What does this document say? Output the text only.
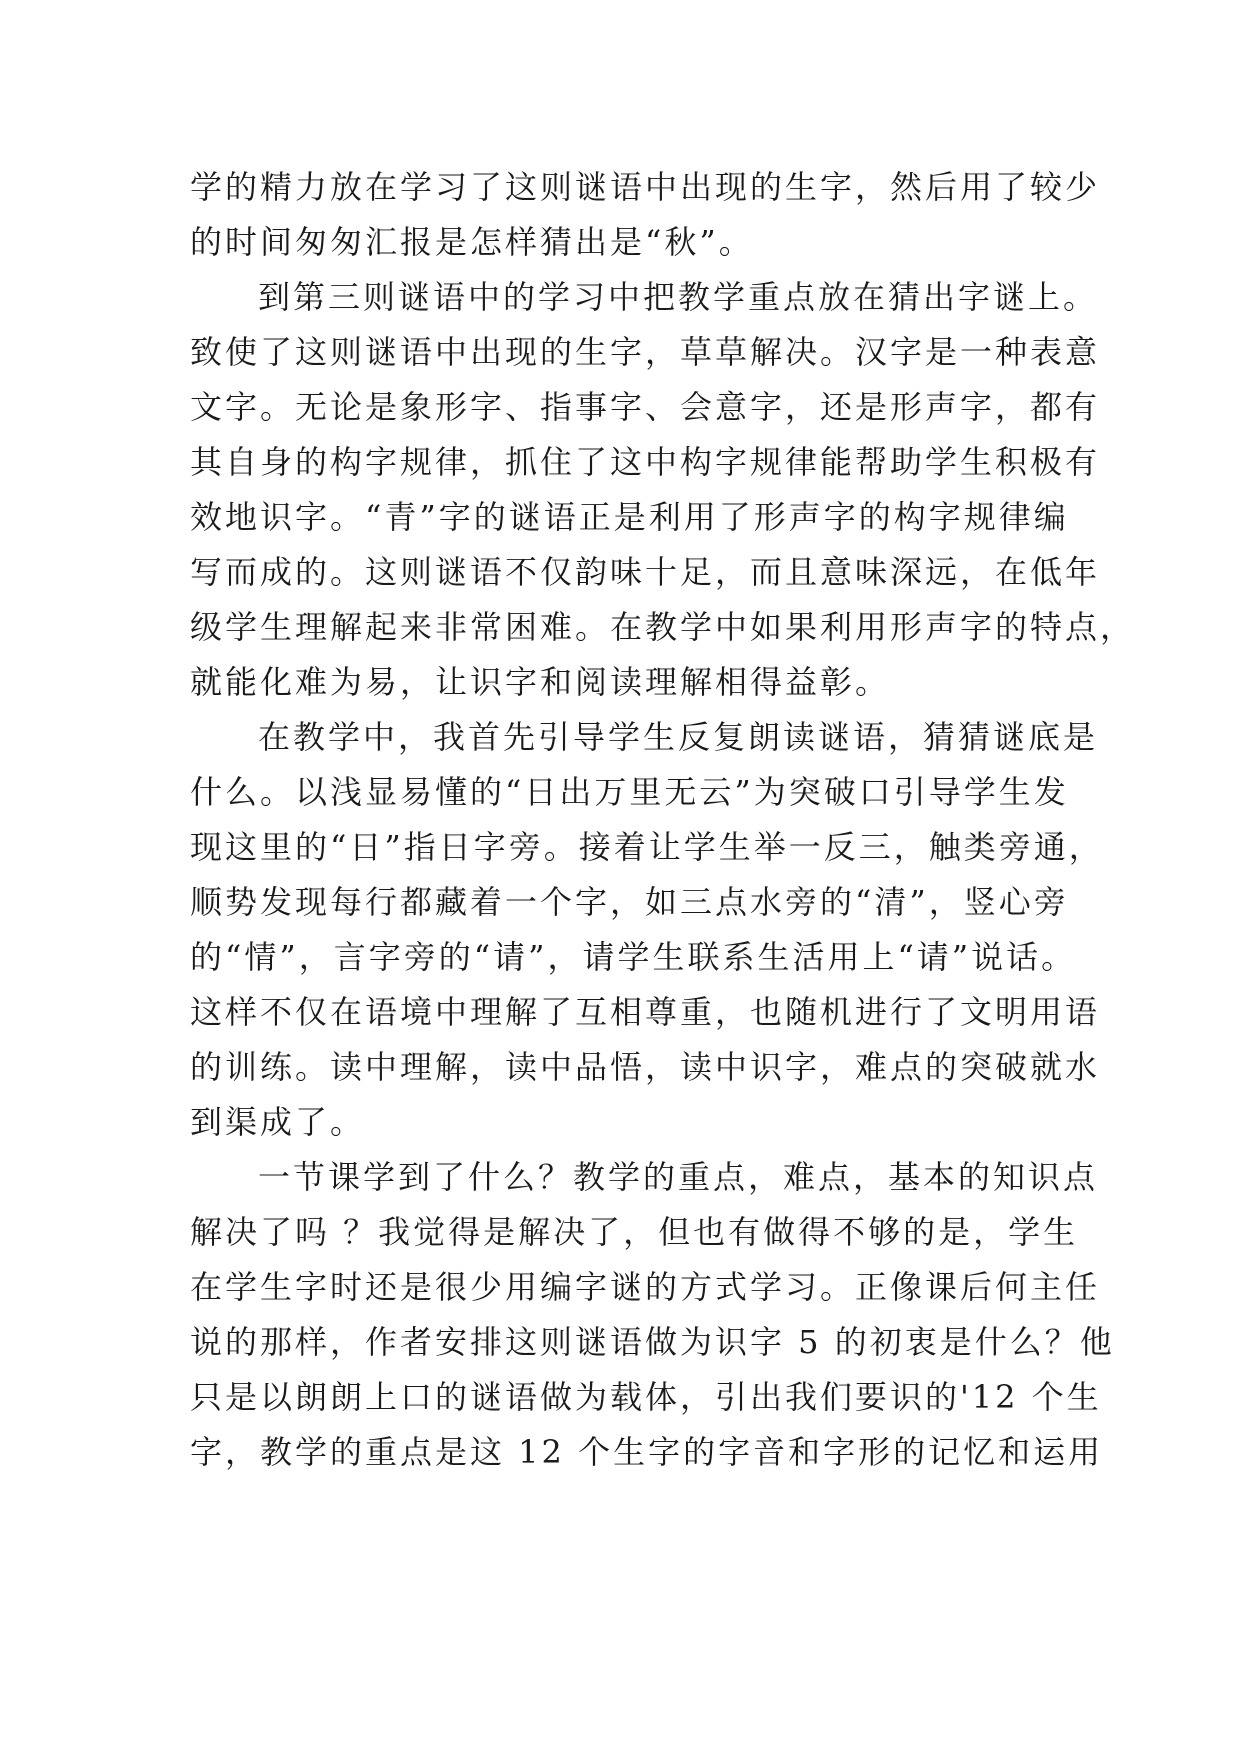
学的精力放在学习了这则谜语中出现的生字，然后用了较少
的时间匆匆汇报是怎样猜出是“秋”。
到第三则谜语中的学习中把教学重点放在猜出字谜上。
致使了这则谜语中出现的生字，草草解决。汉字是一种表意
文字。无论是象形字、指事字、会意字，还是形声字，都有
其自身的构字规律，抓住了这中构字规律能帮助学生积极有
效地识字。“青”字的谜语正是利用了形声字的构字规律编
写而成的。这则谜语不仅韵味十足，而且意味深远，在低年
级学生理解起来非常困难。在教学中如果利用形声字的特点，
就能化难为易，让识字和阅读理解相得益彰。
在教学中，我首先引导学生反复朗读谜语，猜猜谜底是
什么。以浅显易懂的“日出万里无云”为突破口引导学生发
现这里的“日”指日字旁。接着让学生举一反三，触类旁通，
顺势发现每行都藏着一个字，如三点水旁的“清”，竖心旁
的“情”，言字旁的“请”，请学生联系生活用上“请”说话。
这样不仅在语境中理解了互相尊重，也随机进行了文明用语
的训练。读中理解，读中品悟，读中识字，难点的突破就水
到渠成了。
一节课学到了什么？教学的重点，难点，基本的知识点
解决了吗 ？我觉得是解决了，但也有做得不够的是，学生
在学生字时还是很少用编字谜的方式学习。正像课后何主任
说的那样，作者安排这则谜语做为识字 5 的初衷是什么？他
只是以朗朗上口的谜语做为载体，引出我们要识的'12 个生
字，教学的重点是这 12 个生字的字音和字形的记忆和运用
